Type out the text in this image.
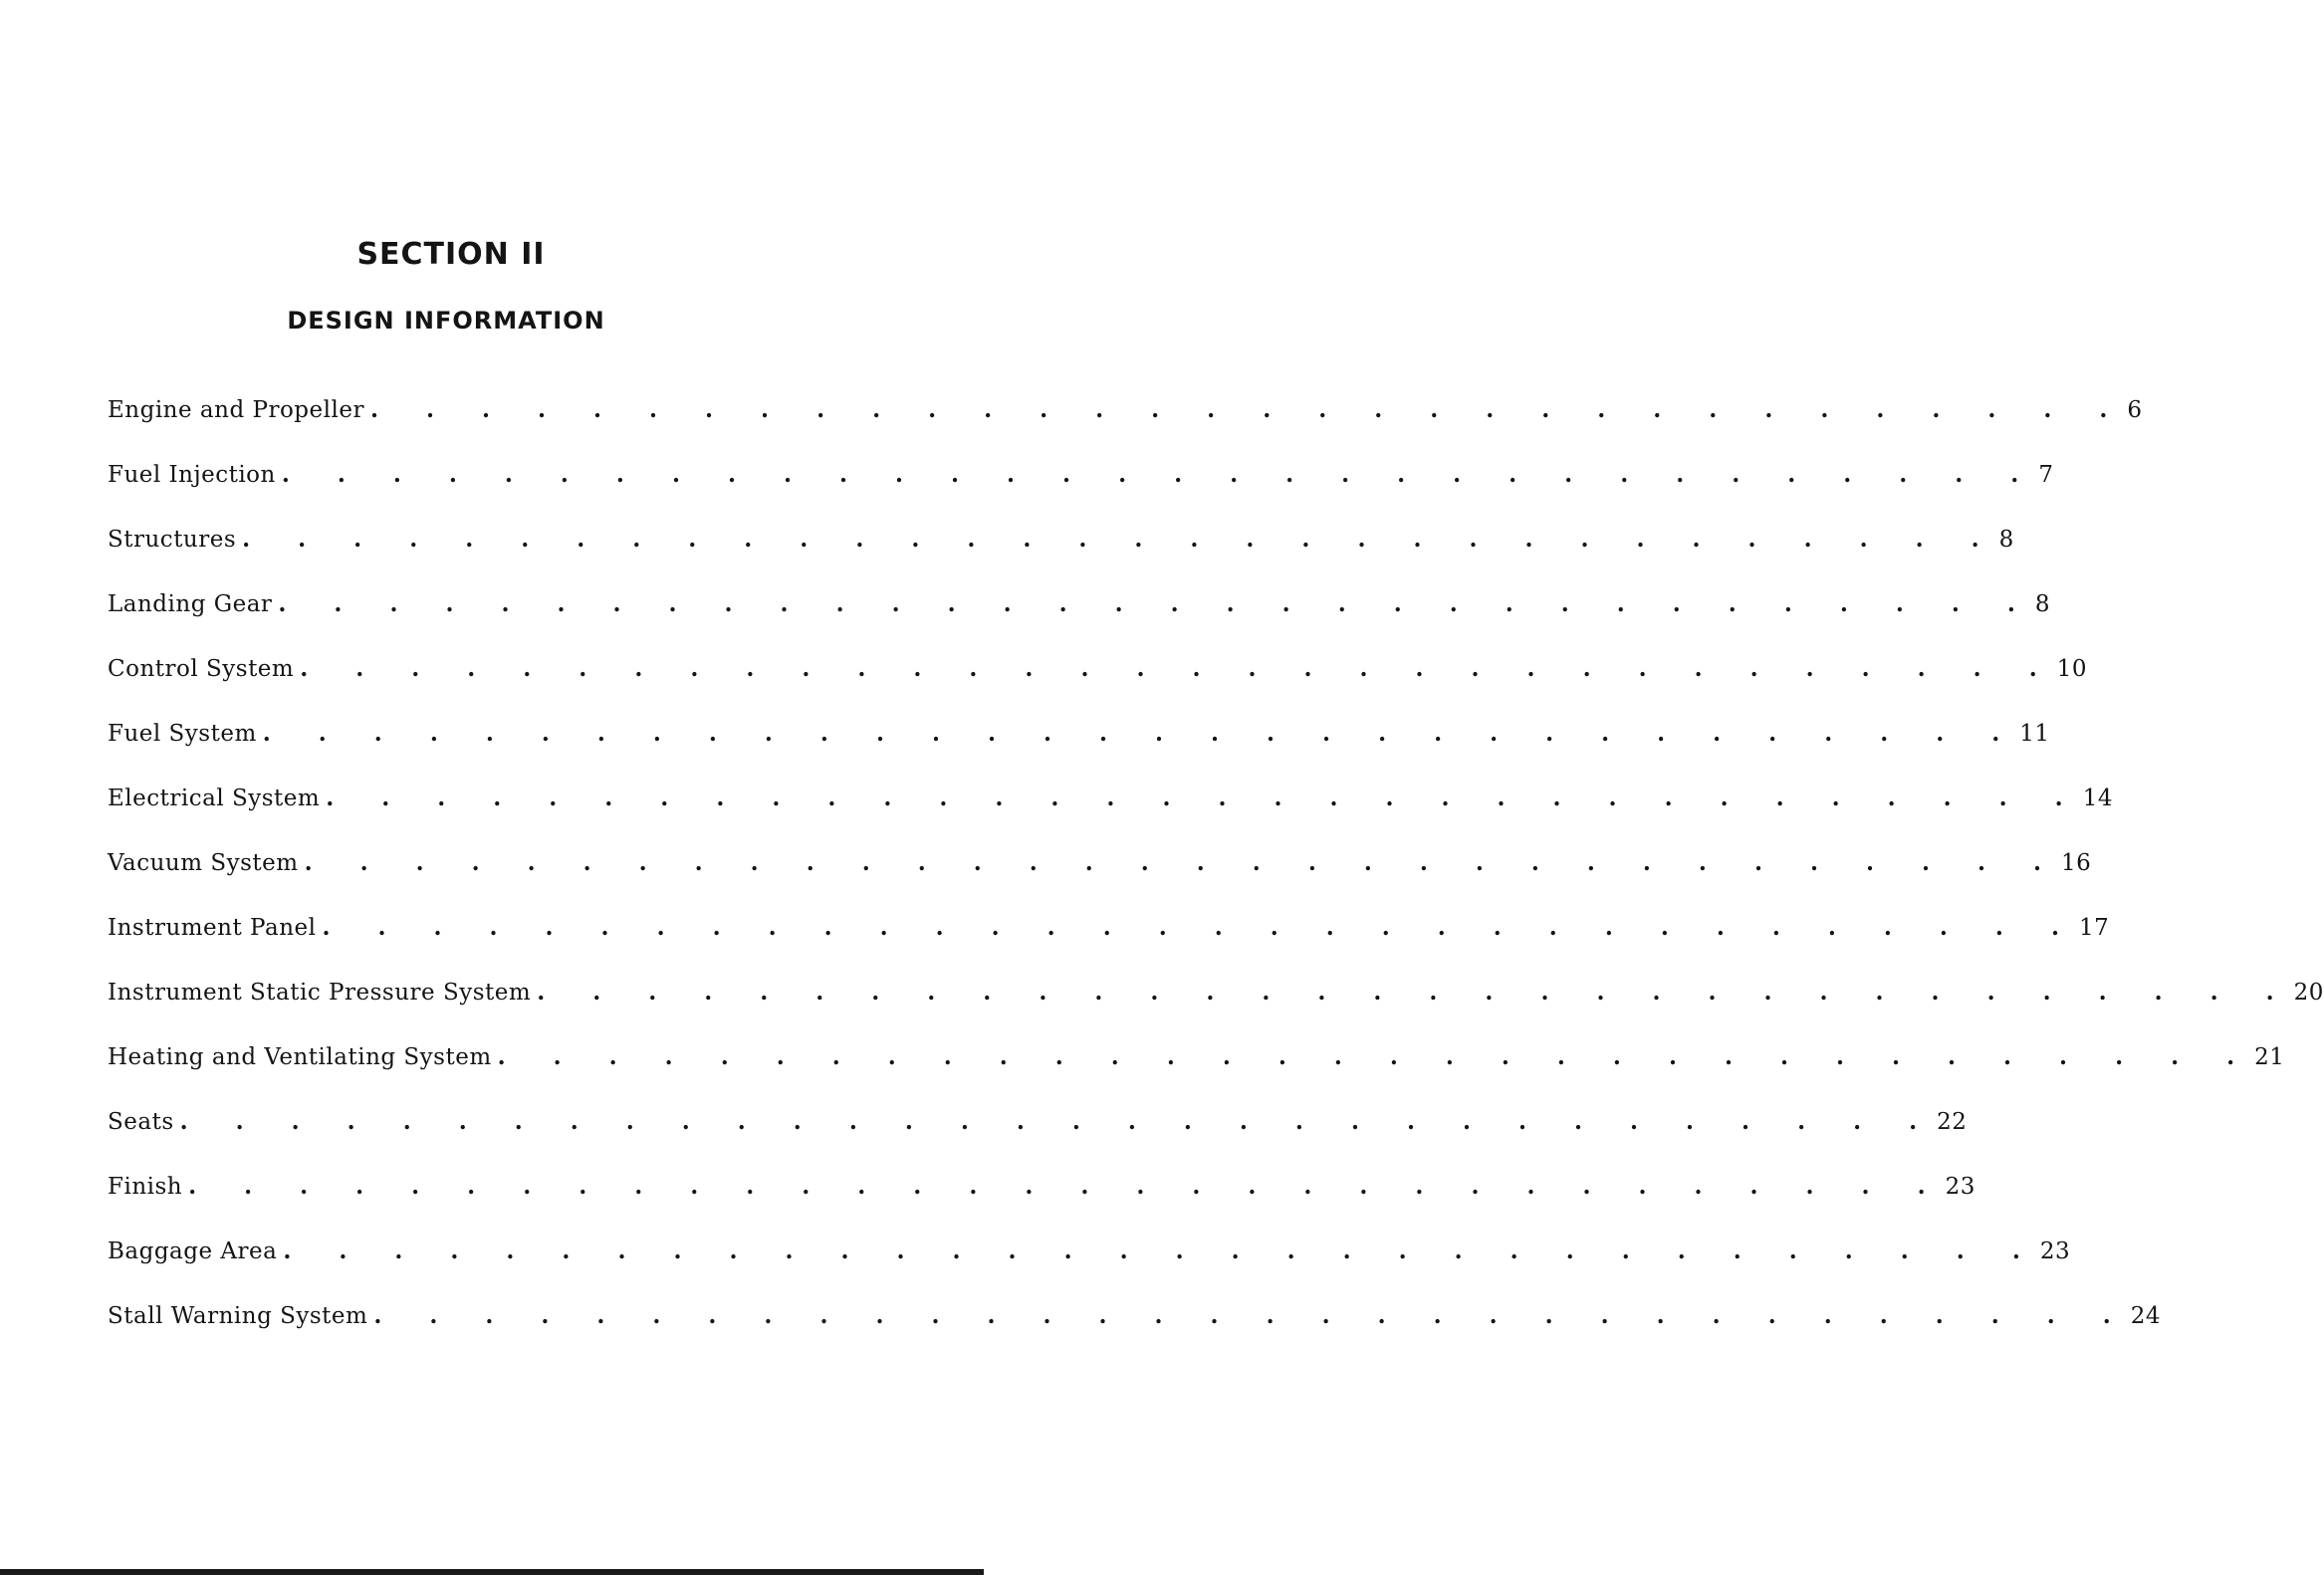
SECTION II
DESIGN INFORMATION
Engine and Propeller . . . . . . . . . . . . . . . . . . . . . . . . . . . . . . . . 6
Fuel Injection . . . . . . . . . . . . . . . . . . . . . . . . . . . . . . . . 7
Structures . . . . . . . . . . . . . . . . . . . . . . . . . . . . . . . . 8
Landing Gear . . . . . . . . . . . . . . . . . . . . . . . . . . . . . . . . 8
Control System . . . . . . . . . . . . . . . . . . . . . . . . . . . . . . . . 10
Fuel System . . . . . . . . . . . . . . . . . . . . . . . . . . . . . . . . 11
Electrical System . . . . . . . . . . . . . . . . . . . . . . . . . . . . . . . . 14
Vacuum System . . . . . . . . . . . . . . . . . . . . . . . . . . . . . . . . 16
Instrument Panel . . . . . . . . . . . . . . . . . . . . . . . . . . . . . . . . 17
Instrument Static Pressure System . . . . . . . . . . . . . . . . . . . . . . . . . . . . . . . . 20
Heating and Ventilating System . . . . . . . . . . . . . . . . . . . . . . . . . . . . . . . . 21
Seats . . . . . . . . . . . . . . . . . . . . . . . . . . . . . . . . 22
Finish . . . . . . . . . . . . . . . . . . . . . . . . . . . . . . . . 23
Baggage Area . . . . . . . . . . . . . . . . . . . . . . . . . . . . . . . . 23
Stall Warning System . . . . . . . . . . . . . . . . . . . . . . . . . . . . . . . . 24
